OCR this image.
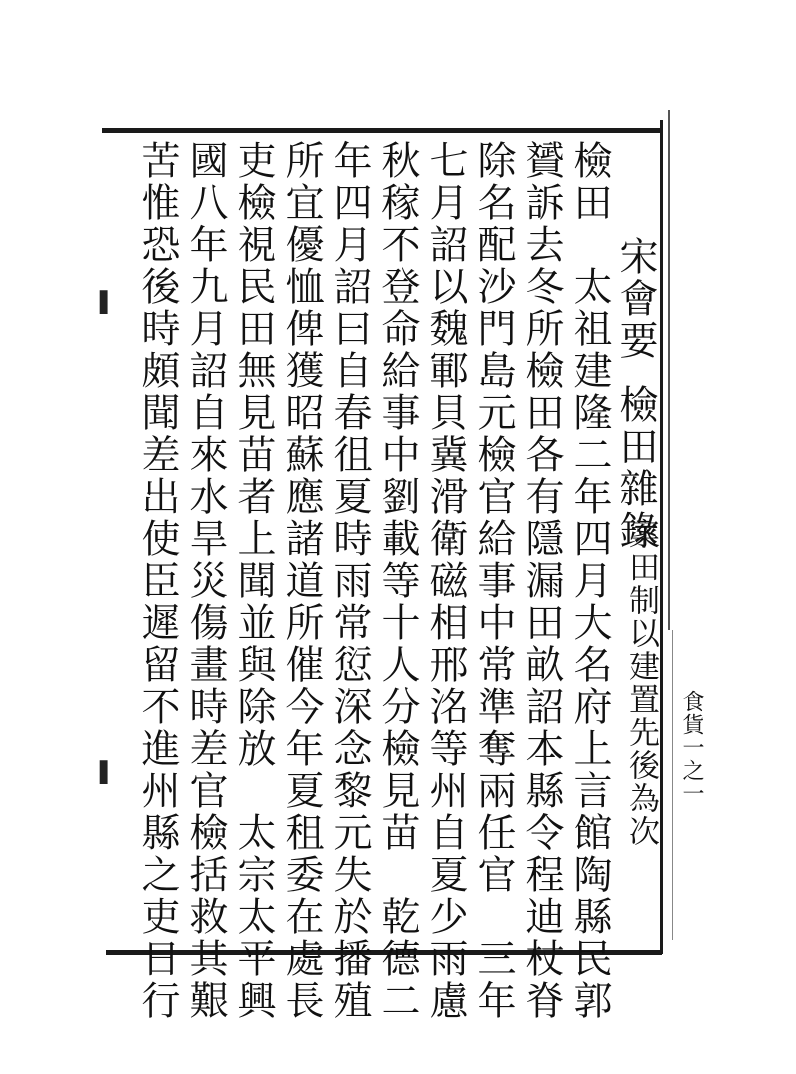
宋會要
檢田雜錄
案田制以建置先後為次
檢田　太祖建隆二年四月大名府上言館陶縣民郭
贇訴去冬所檢田各有隱漏田畝詔本縣令程迪杖脊
除名配沙門島元檢官給事中常準奪兩任官　三年
七月詔以魏鄆貝冀滑衛磁相邢洺等州自夏少雨慮
秋稼不登命給事中劉載等十人分檢見苗　乾德二
年四月詔曰自春徂夏時雨常愆深念黎元失於播殖
所宜優恤俾獲昭蘇應諸道所催今年夏租委在處長
吏檢視民田無見苗者上聞並與除放　太宗太平興
國八年九月詔自來水旱災傷畫時差官檢括救其艱
苦惟恐後時頗聞差出使臣遲留不進州縣之吏日行	食貨一之一
▌
▌
